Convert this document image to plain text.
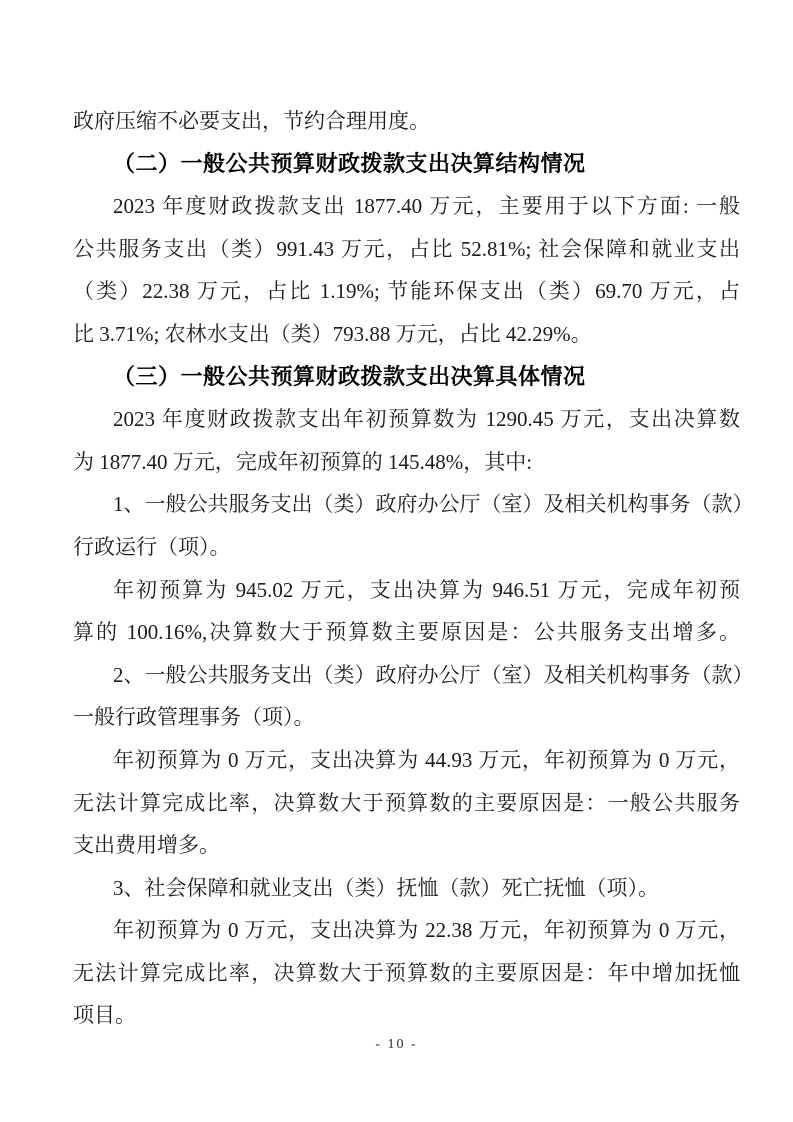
政府压缩不必要支出，节约合理用度。
（二）一般公共预算财政拨款支出决算结构情况
2023 年度财政拨款支出 1877.40 万元，主要用于以下方面: 一般
公共服务支出（类）991.43 万元，占比 52.81%; 社会保障和就业支出
（类）22.38 万元，占比 1.19%; 节能环保支出（类）69.70 万元，占
比 3.71%; 农林水支出（类）793.88 万元，占比 42.29%。
（三）一般公共预算财政拨款支出决算具体情况
2023 年度财政拨款支出年初预算数为 1290.45 万元，支出决算数
为 1877.40 万元，完成年初预算的 145.48%，其中:
1、一般公共服务支出（类）政府办公厅（室）及相关机构事务（款）
行政运行（项）。
年初预算为 945.02 万元，支出决算为 946.51 万元，完成年初预
算的 100.16%,决算数大于预算数主要原因是：公共服务支出增多。
2、一般公共服务支出（类）政府办公厅（室）及相关机构事务（款）
一般行政管理事务（项）。
年初预算为 0 万元，支出决算为 44.93 万元，年初预算为 0 万元，
无法计算完成比率，决算数大于预算数的主要原因是：一般公共服务
支出费用增多。
3、社会保障和就业支出（类）抚恤（款）死亡抚恤（项）。
年初预算为 0 万元，支出决算为 22.38 万元，年初预算为 0 万元，
无法计算完成比率，决算数大于预算数的主要原因是：年中增加抚恤
项目。
- 10 -
